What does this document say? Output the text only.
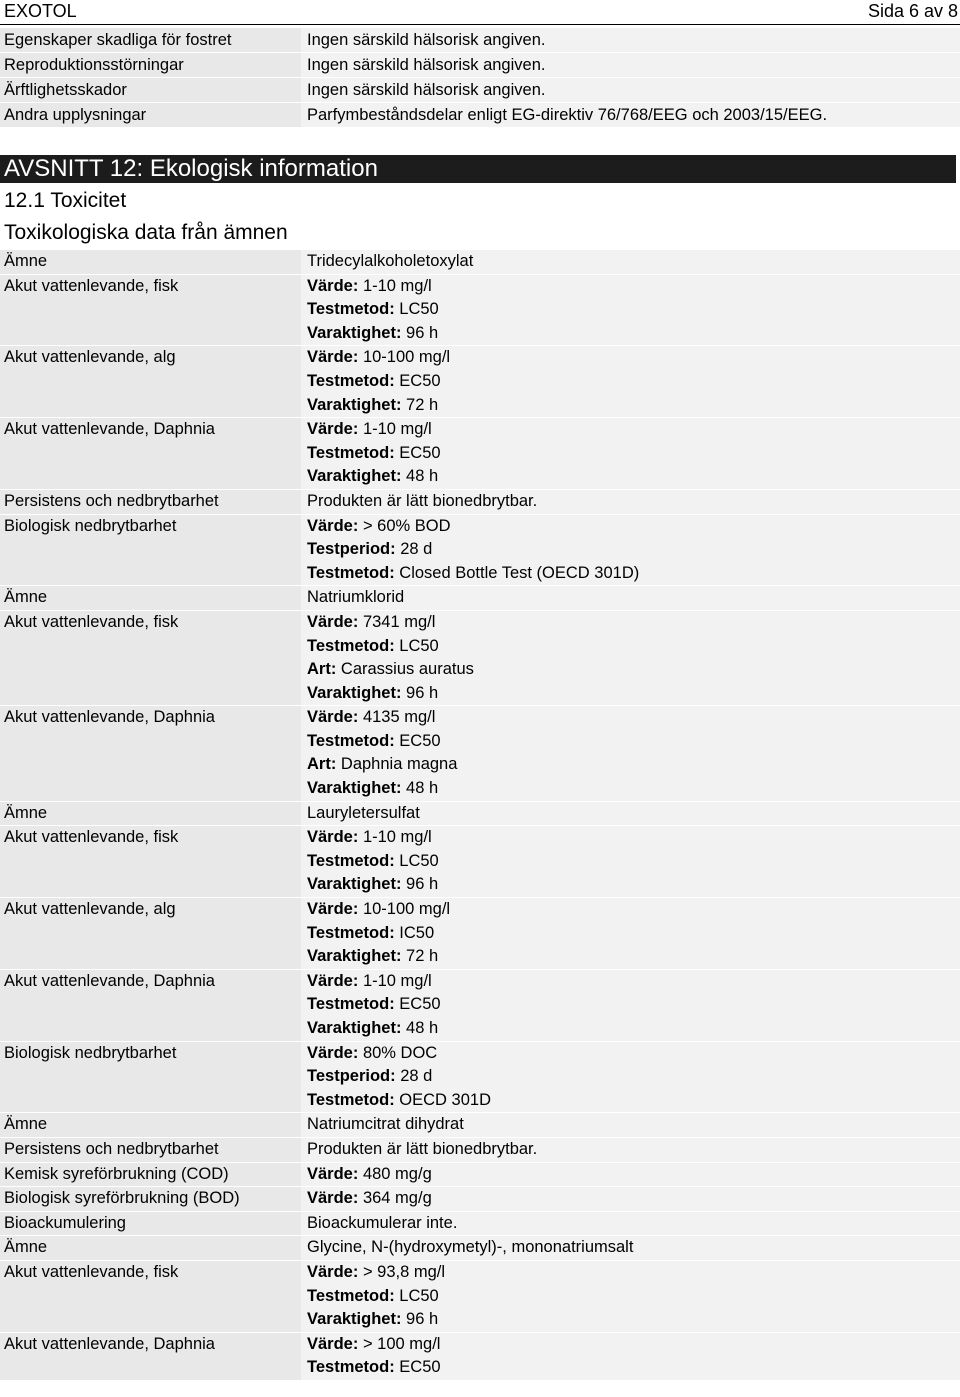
EXOTOL	Sida 6 av 8
Egenskaper skadliga för fostret	Ingen särskild hälsorisk angiven.
Reproduktionsstörningar	Ingen särskild hälsorisk angiven.
Ärftlighetsskador	Ingen särskild hälsorisk angiven.
Andra upplysningar	Parfymbeståndsdelar enligt EG-direktiv 76/768/EEG och 2003/15/EEG.
AVSNITT 12: Ekologisk information
12.1 Toxicitet
Toxikologiska data från ämnen
Ämne	Tridecylalkoholetoxylat
Akut vattenlevande, fisk	Värde: 1-10 mg/l
Testmetod: LC50
Varaktighet: 96 h
Akut vattenlevande, alg	Värde: 10-100 mg/l
Testmetod: EC50
Varaktighet: 72 h
Akut vattenlevande, Daphnia	Värde: 1-10 mg/l
Testmetod: EC50
Varaktighet: 48 h
Persistens och nedbrytbarhet	Produkten är lätt bionedbrytbar.
Biologisk nedbrytbarhet	Värde: > 60% BOD
Testperiod: 28 d
Testmetod: Closed Bottle Test (OECD 301D)
Ämne	Natriumklorid
Akut vattenlevande, fisk	Värde: 7341 mg/l
Testmetod: LC50
Art: Carassius auratus
Varaktighet: 96 h
Akut vattenlevande, Daphnia	Värde: 4135 mg/l
Testmetod: EC50
Art: Daphnia magna
Varaktighet: 48 h
Ämne	Lauryletersulfat
Akut vattenlevande, fisk	Värde: 1-10 mg/l
Testmetod: LC50
Varaktighet: 96 h
Akut vattenlevande, alg	Värde: 10-100 mg/l
Testmetod: IC50
Varaktighet: 72 h
Akut vattenlevande, Daphnia	Värde: 1-10 mg/l
Testmetod: EC50
Varaktighet: 48 h
Biologisk nedbrytbarhet	Värde: 80% DOC
Testperiod: 28 d
Testmetod: OECD 301D
Ämne	Natriumcitrat dihydrat
Persistens och nedbrytbarhet	Produkten är lätt bionedbrytbar.
Kemisk syreförbrukning (COD)	Värde: 480 mg/g
Biologisk syreförbrukning (BOD)	Värde: 364 mg/g
Bioackumulering	Bioackumulerar inte.
Ämne	Glycine, N-(hydroxymetyl)-, mononatriumsalt
Akut vattenlevande, fisk	Värde: > 93,8 mg/l
Testmetod: LC50
Varaktighet: 96 h
Akut vattenlevande, Daphnia	Värde: > 100 mg/l
Testmetod: EC50
